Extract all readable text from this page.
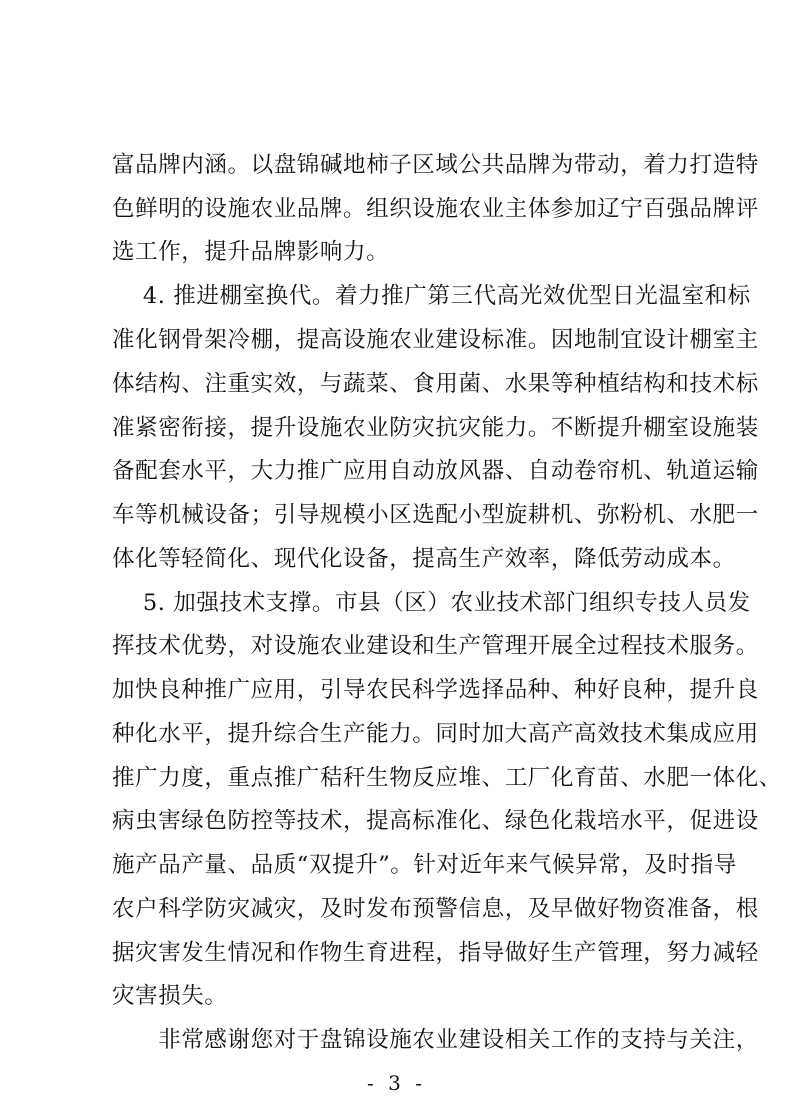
富品牌内涵。以盘锦碱地柿子区域公共品牌为带动，着力打造特
色鲜明的设施农业品牌。组织设施农业主体参加辽宁百强品牌评
选工作，提升品牌影响力。
　 4. 推进棚室换代。着力推广第三代高光效优型日光温室和标
准化钢骨架冷棚，提高设施农业建设标准。因地制宜设计棚室主
体结构、注重实效，与蔬菜、食用菌、水果等种植结构和技术标
准紧密衔接，提升设施农业防灾抗灾能力。不断提升棚室设施装
备配套水平，大力推广应用自动放风器、自动卷帘机、轨道运输
车等机械设备；引导规模小区选配小型旋耕机、弥粉机、水肥一
体化等轻简化、现代化设备，提高生产效率，降低劳动成本。
　 5. 加强技术支撑。市县（区）农业技术部门组织专技人员发
挥技术优势，对设施农业建设和生产管理开展全过程技术服务。
加快良种推广应用，引导农民科学选择品种、种好良种，提升良
种化水平，提升综合生产能力。同时加大高产高效技术集成应用
推广力度，重点推广秸秆生物反应堆、工厂化育苗、水肥一体化、
病虫害绿色防控等技术，提高标准化、绿色化栽培水平，促进设
施产品产量、品质“双提升”。针对近年来气候异常，及时指导
农户科学防灾减灾，及时发布预警信息，及早做好物资准备，根
据灾害发生情况和作物生育进程，指导做好生产管理，努力减轻
灾害损失。
　　非常感谢您对于盘锦设施农业建设相关工作的支持与关注，
- 3 -
